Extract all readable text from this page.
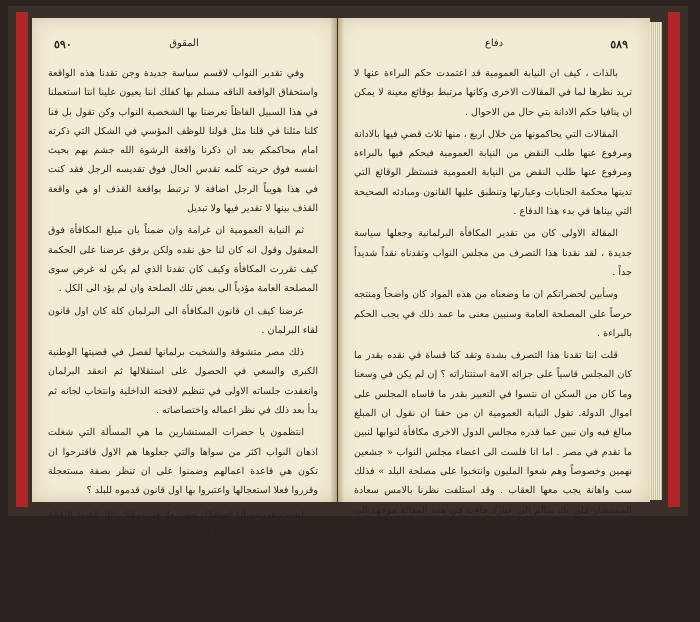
٥٩٠	المقوق

وفي تقدير النواب لاقسم سياسة جديدة وجن تقدنا هذه الواقعة واستحقاق الواقعة الناقه مسلم بها كفلك اننا يعيون علينا انتا استعملنا في هذا السبيل الفاظاً تعرضنا بها الشخصية النواب وكن تقول بل فنا كلنا مثلنا في قلنا مثل قولنا للوظف المؤسي في الشكل التي ذكرته امام محاكمكم بعد ان ذكرنا واقعة الرشوة الله جشم بهم بحيث انفسه فوق حريته كلمه تقدس الحال فوق تقديسه الرجل فقد كنت في هذا هويباً الرجل اضافة لا ترتبط بواقعة القذف او هي واقعة القذف بينها لا تقدير فيها ولا تبديل

ثم النيابة العمومية ان غرامة وان ضمناً بان مبلغ المكافأة فوق المعقول وقول انه كان لنا حق نقده ولكن برفق عرضنا على الحكمة كيف تقررت المكافأة وكيف كان تقدنا الذي لم يكن له غرض سوى المصلحة العامة مؤدياً الى بعض تلك الصلحة وان لم يؤد الى الكل .

عرضنا كيف ان قانون المكافأة الى البرلمان كلة كان اول قانون لقاء البرلمان .

ذلك مصر متشوقة والشخبت برلمانها لفصل في قضيتها الوطنية الكبرى والسعي في الحصول على استقلالها ثم انعقد البرلمان وانعقدت جلساته الاولى في تنظيم لاقحته الداخلية وانتخاب لجانه ثم بدأ بعد ذلك في نظر اعماله واختصاصاته .

انتظمون يا حضرات المستشارين ما هي المسألة التي شغلت اذهان النواب اكثر من سواها والتي جعلوها هم الاول فاقترحوا ان تكون هي قاعدة اعمالهم وضمنوا على ان تنظر بصفة مستعجلة وقرروا فعلا استعجالها واعتبروا بها اول قانون قدموه للبلد ؟

ليست هي مسألة استقلال مصر ولا هي تمكنك تلك القيود الثقيلة التي فيدت بها البلاد والوزارات السابقة ولا هي نظر القوانين الجديدة التي تحد الحرية الشخصية ولا هي شيئاً مطلقاً يتعلق بمصر وقضية مصر وبقي مصر بل هي مكافأتهم

٥٨٩
دفاع

بالذات ، كيف ان النيابة العمومية قد اعتمدت حكم البراءة عنها لا تريد نظرها لما في المقالات الاخرى وكانها مرتبط بوقائع معينة لا يمكن ان ينافيا حكم الادانة بتي حال من الاحوال .

المقالات التي يحاكمونها من خلال اربع ، منها ثلاث قضي فيها بالادانة ومرفوع عنها طلب النقض من النيابة العمومية فيحكم فيها بالبراءة ومرفوع عنها طلب النقض من النيابة العمومية فتستظر الوقائع التي تدينها محكمة الجنايات وعبارتها وتنطبق عليها القانون ومبادئه الصحيحة التي بيناها في بدء هذا الدفاع .

المقالة الاولى كان من تقدير المكافأة البرلمانية وجعلها سياسة جديدة ، لقد نقدنا هذا التصرف من مجلس النواب وتقدناه نقداً شديداً جداً .

وسأبين لحضراتكم ان ما وضعناه من هذه المواد كان واضحاً ومنتجه حرصاً على المصلحة العامة وسنبين معنى ما عمد ذلك في يجب الحكم بالبراءة .

قلت انتا تقدنا هذا التصرف بشدة وتقد كنا قساة في نقده بقدر ما كان المجلس قاسياً على جزائه الامة استنتاراته ؟ إن لم يكن في وسعنا وما كان من السكن ان نتسوا في التعبير بقدر ما قاساه المجلس على اموال الدولة. تقول النيابة العمومية ان من حقنا ان نقول ان المبلغ مبالغ فيه وان نبين عما قدره مجالس الدول الاخرى مكافأة لنوابها لنبين ما تقدم في مصر . اما انا فلست الى اعضاء مجلس النواب « جشعين نهمين وخصوصاً وهم شعوا المليون وانتخبوا على مصلحة البلد » فذلك سب واهانة يجب معها العقاب . وقد استلفت نظرنا بالامس سعادة المستشار على بك سالم الى عبارة جاءت في هذه المقالة موجهة الى النواب نصها : «فاذا الخلاصيم لمصر اخلاص لانفسهم واذا حبهم الوطن حب لذواتهم » وطلب منا ان نبين كيف ان هذا يمكن ان يعتبر من النقد البرىء .

الواقعة المادية اذن مسلم بها من النيابة العمومية مسلم بها من الحكم الابتدائي ؛
